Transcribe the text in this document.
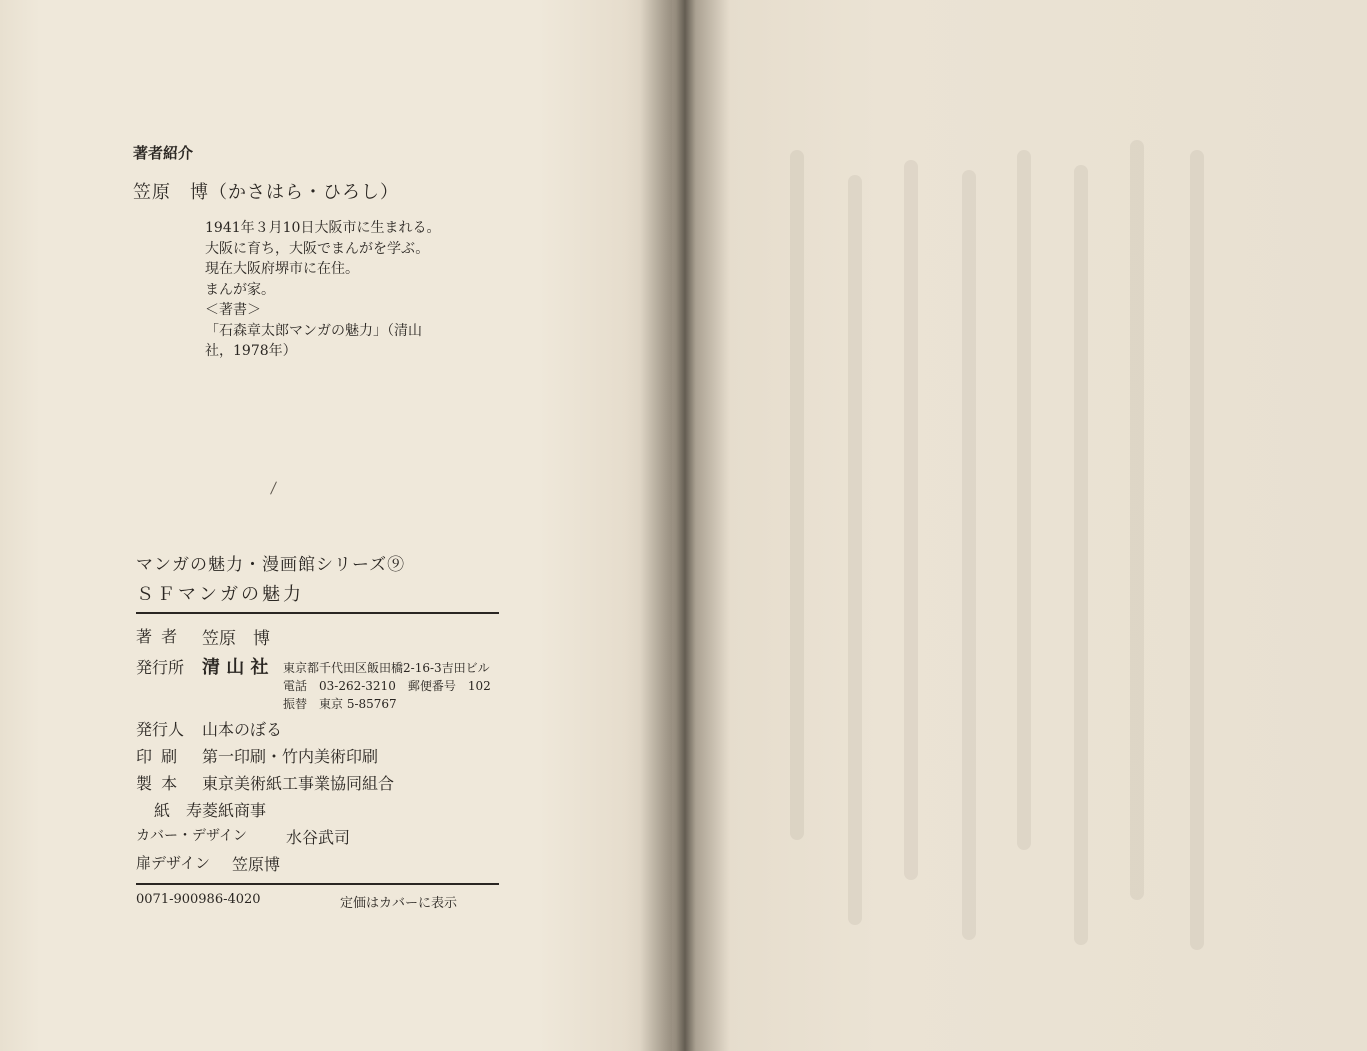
著者紹介
笠原　博（かさはら・ひろし）
1941年３月10日大阪市に生まれる。
大阪に育ち，大阪でまんがを学ぶ。
現在大阪府堺市に在住。
まんが家。
＜著書＞
「石森章太郎マンガの魅力」（清山
社，1978年）
マンガの魅力・漫画館シリーズ⑨
ＳＦマンガの魅力
著 者 笠原　博
発行所 清 山 社 東京都千代田区飯田橋2-16-3吉田ビル
電話　03-262-3210　郵便番号　102
振替　東京 5-85767
発行人 山本のぼる
印 刷 第一印刷・竹内美術印刷
製 本 東京美術紙工事業協同組合
紙 寿菱紙商事
カバー・デザイン 水谷武司
扉デザイン 笠原博
0071-900986-4020	定価はカバーに表示
